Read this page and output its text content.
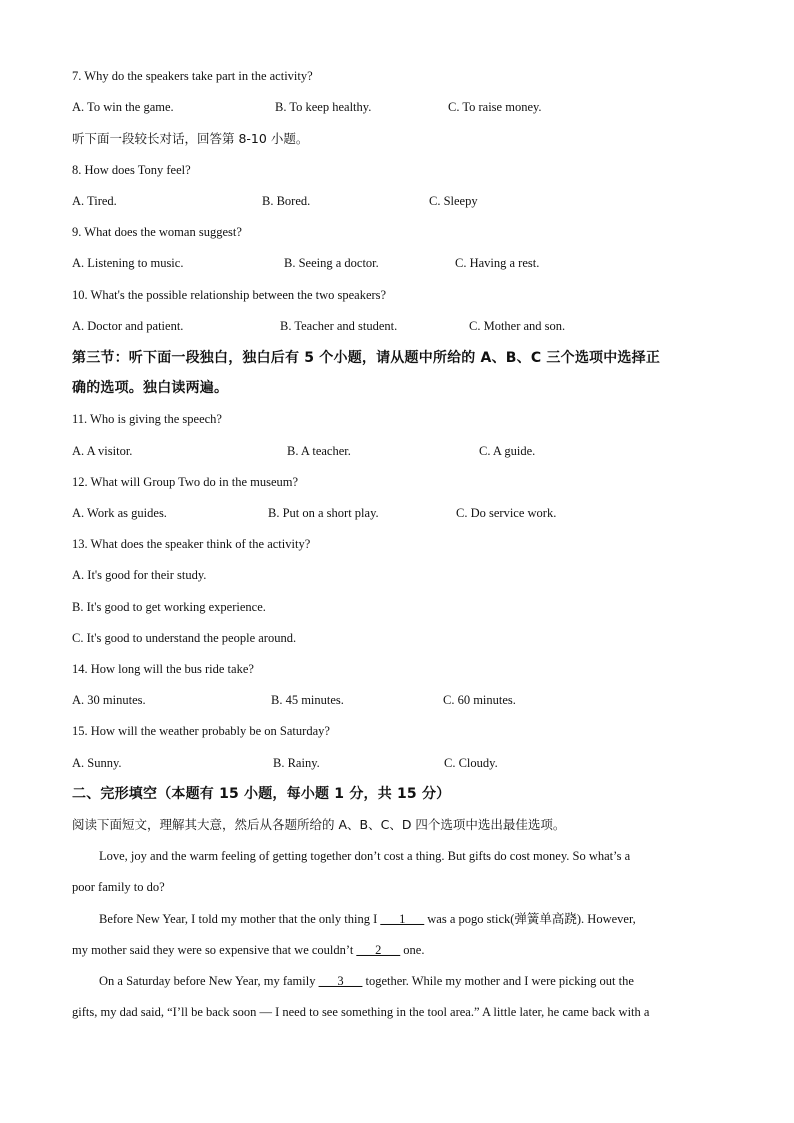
7. Why do the speakers take part in the activity?
A. To win the game.	B. To keep healthy.	C. To raise money.
听下面一段较长对话，回答第 8-10 小题。
8. How does Tony feel?
A. Tired.	B. Bored.	C. Sleepy
9. What does the woman suggest?
A. Listening to music.	B. Seeing a doctor.	C. Having a rest.
10. What's the possible relationship between the two speakers?
A. Doctor and patient.	B. Teacher and student.	C. Mother and son.
第三节：听下面一段独白，独白后有 5 个小题，请从题中所给的 A、B、C 三个选项中选择正
确的选项。独白读两遍。
11. Who is giving the speech?
A. A visitor.	B. A teacher.	C. A guide.
12. What will Group Two do in the museum?
A. Work as guides.	B. Put on a short play.	C. Do service work.
13. What does the speaker think of the activity?
A. It's good for their study.
B. It's good to get working experience.
C. It's good to understand the people around.
14. How long will the bus ride take?
A. 30 minutes.	B. 45 minutes.	C. 60 minutes.
15. How will the weather probably be on Saturday?
A. Sunny.	B. Rainy.	C. Cloudy.
二、完形填空（本题有 15 小题，每小题 1 分，共 15 分）
阅读下面短文，理解其大意，然后从各题所给的 A、B、C、D 四个选项中选出最佳选项。
Love, joy and the warm feeling of getting together don’t cost a thing. But gifts do cost money. So what’s a
poor family to do?
Before New Year, I told my mother that the only thing I ___1___ was a pogo stick(弹簧单高跷). However,
my mother said they were so expensive that we couldn’t ___2___ one.
On a Saturday before New Year, my family ___3___ together. While my mother and I were picking out the
gifts, my dad said, “I’ll be back soon — I need to see something in the tool area.” A little later, he came back with a
